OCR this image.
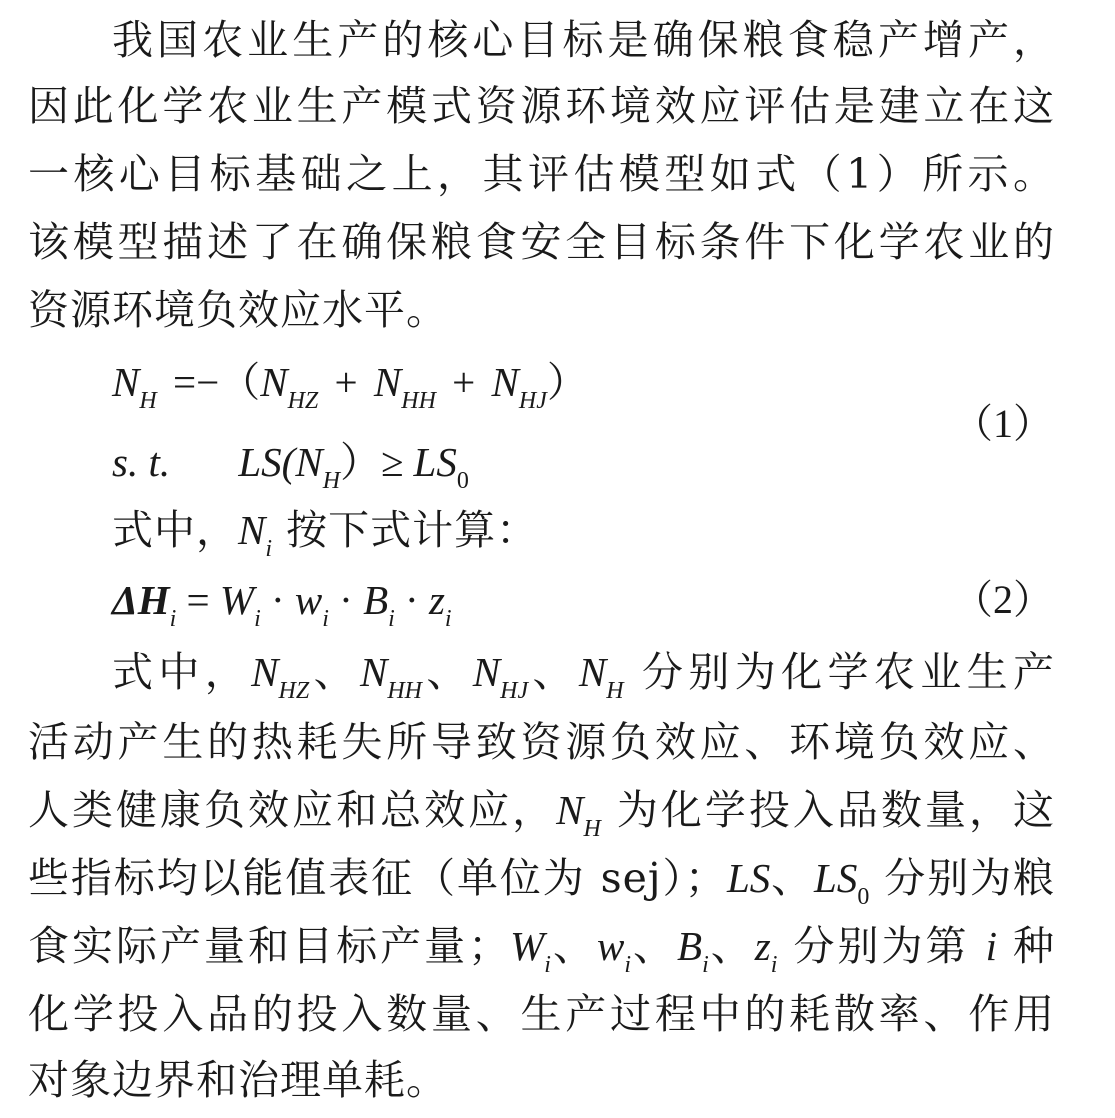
我国农业生产的核心目标是确保粮食稳产增产，
因此化学农业生产模式资源环境效应评估是建立在这
一核心目标基础之上，其评估模型如式（1）所示。
该模型描述了在确保粮食安全目标条件下化学农业的
资源环境负效应水平。
$N_H =-(N_{HZ} + N_{HH} + N_{HJ})$
（1）
s. t. $LS(N_H)\ge LS_0$
式中，$N_i$ 按下式计算：
$\Delta H_i = W_i \cdot w_i \cdot B_i \cdot z_i$	（2）
式中，$N_{HZ}$、$N_{HH}$、$N_{HJ}$、$N_H$ 分别为化学农业生产
活动产生的热耗失所导致资源负效应、环境负效应、
人类健康负效应和总效应，$N_H$ 为化学投入品数量，这
些指标均以能值表征（单位为 sej）；LS、$LS_0$ 分别为粮
食实际产量和目标产量；$W_i$、$w_i$、$B_i$、$z_i$ 分别为第 i 种
化学投入品的投入数量、生产过程中的耗散率、作用
对象边界和治理单耗。
